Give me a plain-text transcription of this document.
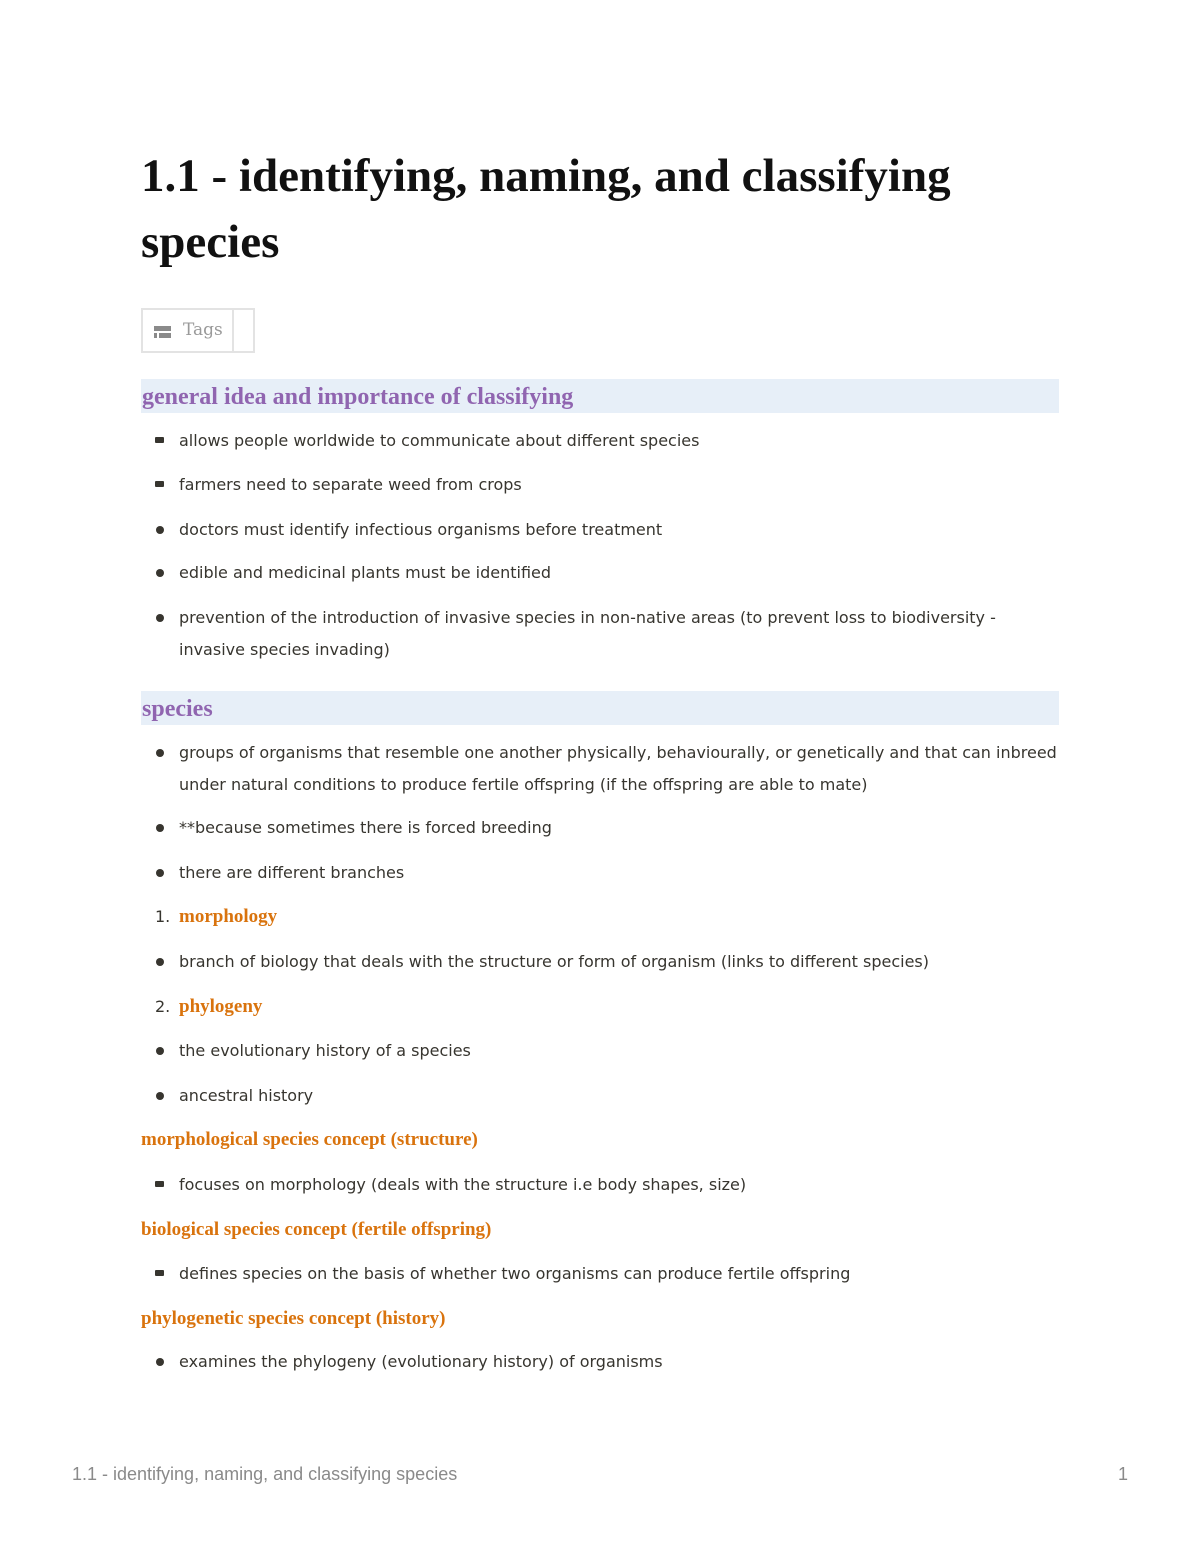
1.1 - identifying, naming, and classifying species
Tags
general idea and importance of classifying
allows people worldwide to communicate about different species
farmers need to separate weed from crops
doctors must identify infectious organisms before treatment
edible and medicinal plants must be identified
prevention of the introduction of invasive species in non-native areas (to prevent loss to biodiversity - invasive species invading)
species
groups of organisms that resemble one another physically, behaviourally, or genetically and that can inbreed under natural conditions to produce fertile offspring (if the offspring are able to mate)
**because sometimes there is forced breeding
there are different branches
1. morphology
branch of biology that deals with the structure or form of organism (links to different species)
2. phylogeny
the evolutionary history of a species
ancestral history
morphological species concept (structure)
focuses on morphology (deals with the structure i.e body shapes, size)
biological species concept (fertile offspring)
defines species on the basis of whether two organisms can produce fertile offspring
phylogenetic species concept (history)
examines the phylogeny (evolutionary history) of organisms
1.1 - identifying, naming, and classifying species	1
